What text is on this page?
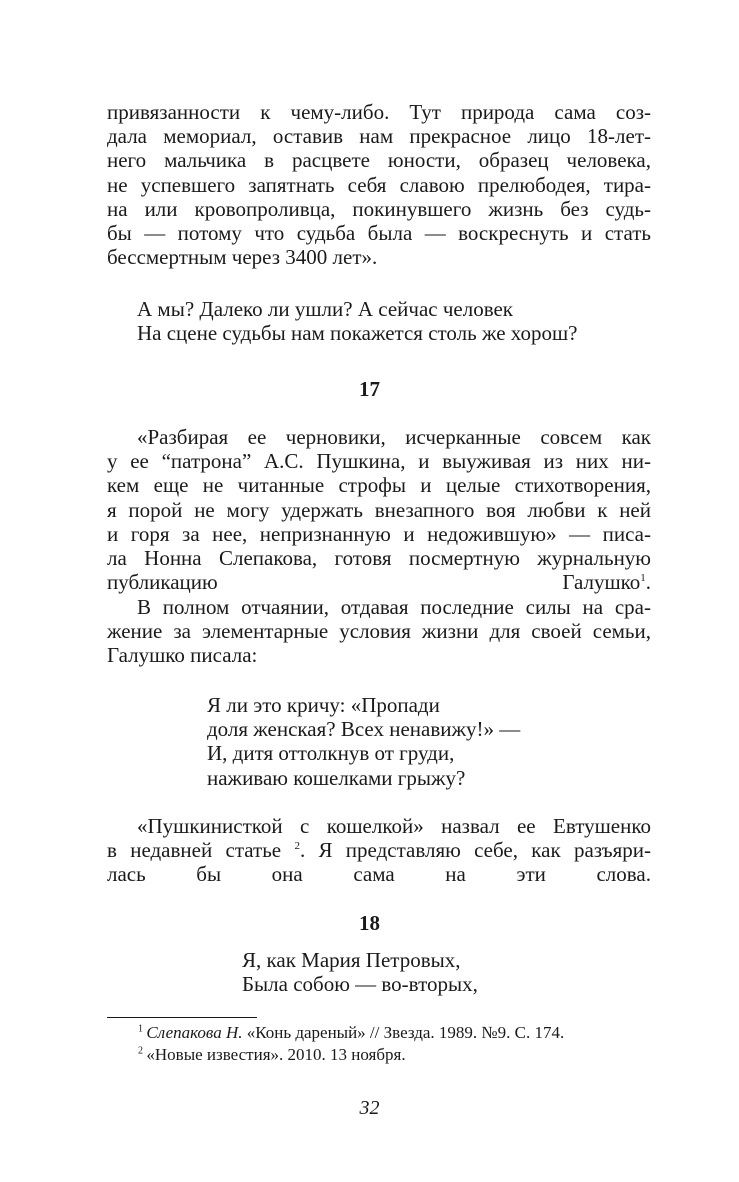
привязанности к чему-либо. Тут природа сама соз-
дала мемориал, оставив нам прекрасное лицо 18-лет-
него мальчика в расцвете юности, образец человека,
не успевшего запятнать себя славою прелюбодея, тира-
на или кровопроливца, покинувшего жизнь без судь-
бы — потому что судьба была — воскреснуть и стать
бессмертным через 3400 лет».
А мы? Далеко ли ушли? А сейчас человек
На сцене судьбы нам покажется столь же хорош?
17
«Разбирая ее черновики, исчерканные совсем как
у ее “патрона” А.С. Пушкина, и выуживая из них ни-
кем еще не читанные строфы и целые стихотворения,
я порой не могу удержать внезапного воя любви к ней
и горя за нее, непризнанную и недожившую» — писа-
ла Нонна Слепакова, готовя посмертную журнальную
публикацию Галушко$^1$.
В полном отчаянии, отдавая последние силы на сра-
жение за элементарные условия жизни для своей семьи,
Галушко писала:
Я ли это кричу: «Пропади
доля женская? Всех ненавижу!» —
И, дитя оттолкнув от груди,
наживаю кошелками грыжу?
«Пушкинисткой с кошелкой» назвал ее Евтушенко
в недавней статье $^2$. Я представляю себе, как разъяри-
лась бы она сама на эти слова.
18
Я, как Мария Петровых,
Была собою — во-вторых,
$^1$  Слепакова Н. «Конь дареный» // Звезда. 1989. №9. С. 174.
$^2$  «Новые известия». 2010. 13 ноября.
32
